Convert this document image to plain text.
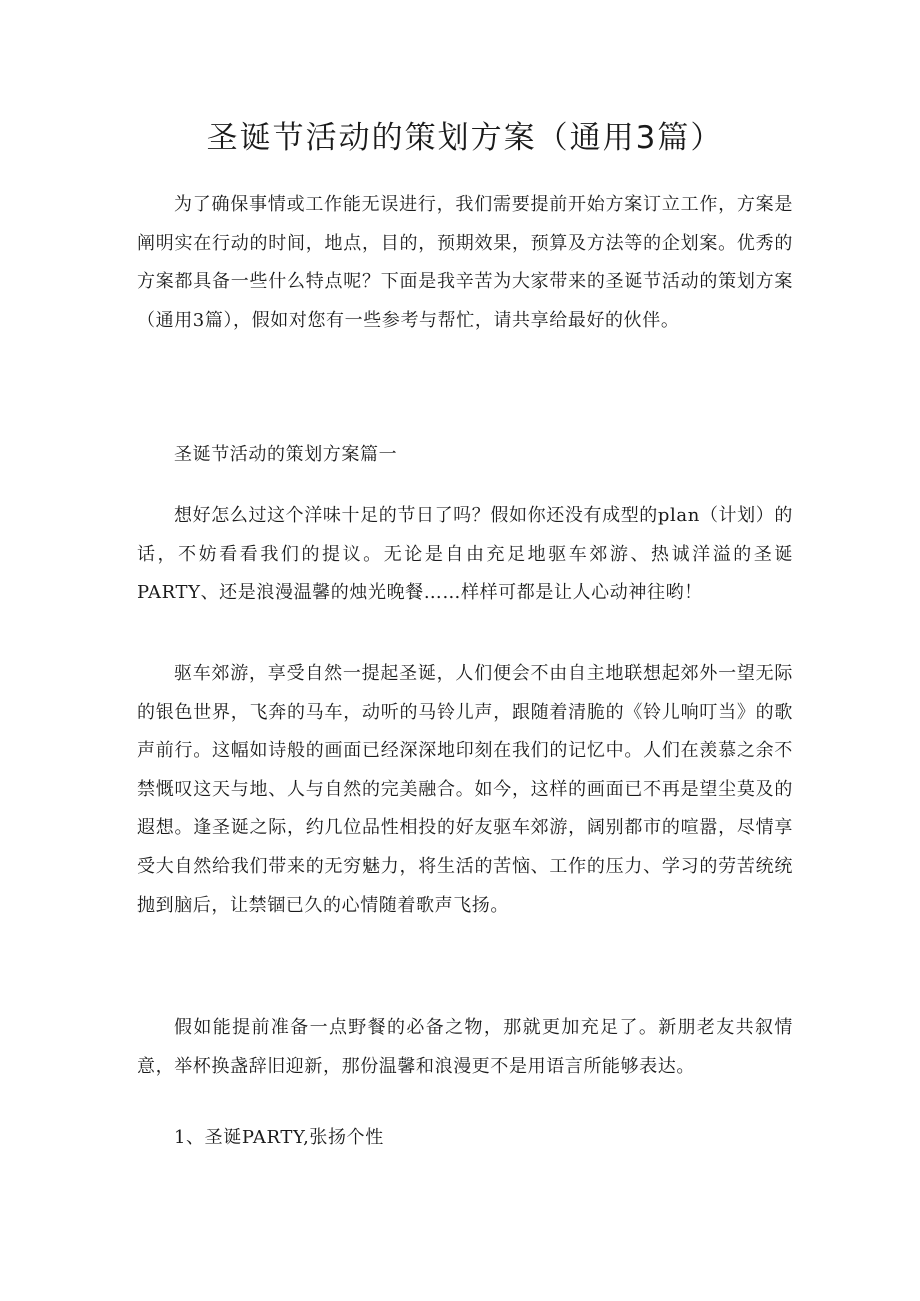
圣诞节活动的策划方案（通用3篇）

为了确保事情或工作能无误进行，我们需要提前开始方案订立工作，方案是阐明实在行动的时间，地点，目的，预期效果，预算及方法等的企划案。优秀的方案都具备一些什么特点呢？下面是我辛苦为大家带来的圣诞节活动的策划方案（通用3篇），假如对您有一些参考与帮忙，请共享给最好的伙伴。

圣诞节活动的策划方案篇一

想好怎么过这个洋味十足的节日了吗？假如你还没有成型的plan（计划）的话，不妨看看我们的提议。无论是自由充足地驱车郊游、热诚洋溢的圣诞PARTY、还是浪漫温馨的烛光晚餐……样样可都是让人心动神往哟！

驱车郊游，享受自然一提起圣诞，人们便会不由自主地联想起郊外一望无际的银色世界，飞奔的马车，动听的马铃儿声，跟随着清脆的《铃儿响叮当》的歌声前行。这幅如诗般的画面已经深深地印刻在我们的记忆中。人们在羡慕之余不禁慨叹这天与地、人与自然的完美融合。如今，这样的画面已不再是望尘莫及的遐想。逢圣诞之际，约几位品性相投的好友驱车郊游，阔别都市的喧嚣，尽情享受大自然给我们带来的无穷魅力，将生活的苦恼、工作的压力、学习的劳苦统统抛到脑后，让禁锢已久的心情随着歌声飞扬。

假如能提前准备一点野餐的必备之物，那就更加充足了。新朋老友共叙情意，举杯换盏辞旧迎新，那份温馨和浪漫更不是用语言所能够表达。

1、圣诞PARTY,张扬个性
